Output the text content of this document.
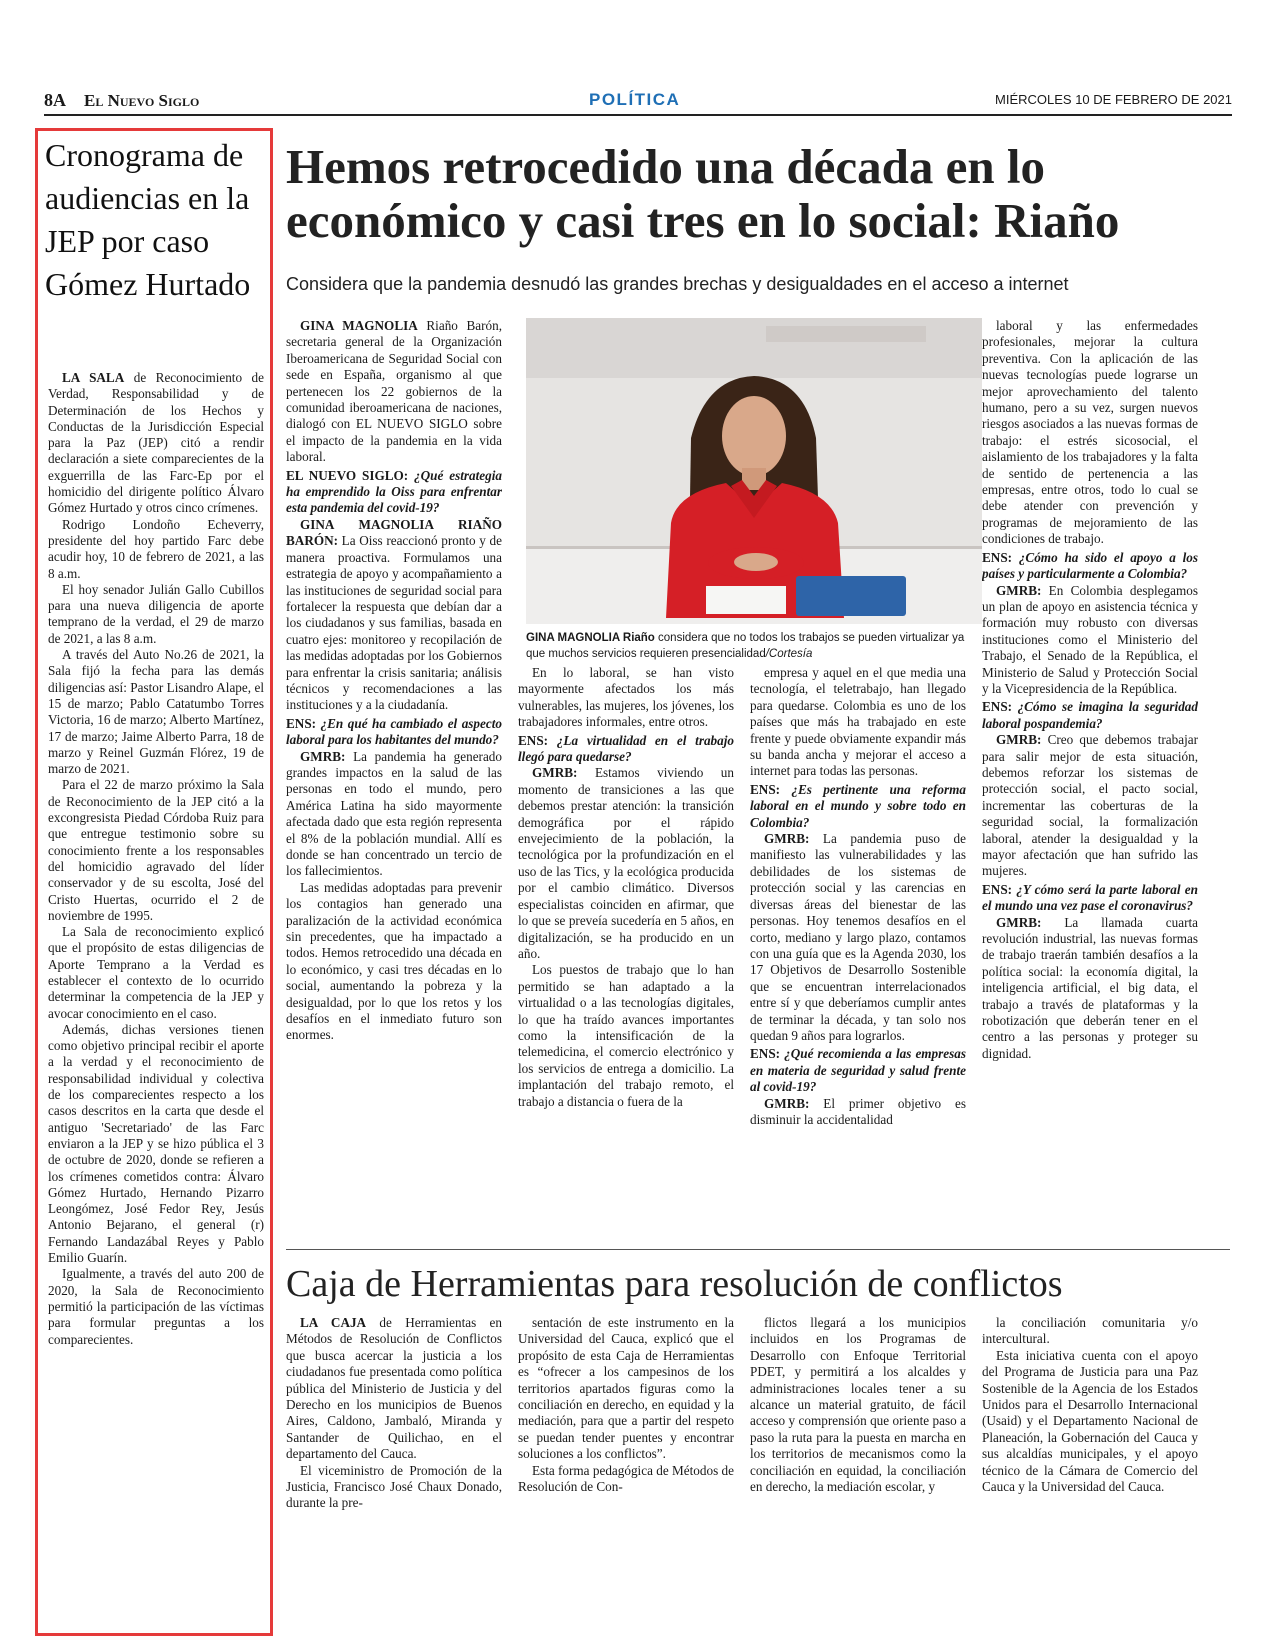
8A El Nuevo Siglo	POLÍTICA	MIÉRCOLES 10 DE FEBRERO DE 2021
Cronograma de audiencias en la JEP por caso Gómez Hurtado

LA SALA de Reconocimiento de Verdad, Responsabilidad y de Determinación de los Hechos y Conductas de la Jurisdicción Especial para la Paz (JEP) citó a rendir declaración a siete comparecientes de la exguerrilla de las Farc-Ep por el homicidio del dirigente político Álvaro Gómez Hurtado y otros cinco crímenes.

Rodrigo Londoño Echeverry, presidente del hoy partido Farc debe acudir hoy, 10 de febrero de 2021, a las 8 a.m.

El hoy senador Julián Gallo Cubillos para una nueva diligencia de aporte temprano de la verdad, el 29 de marzo de 2021, a las 8 a.m.

A través del Auto No.26 de 2021, la Sala fijó la fecha para las demás diligencias así: Pastor Lisandro Alape, el 15 de marzo; Pablo Catatumbo Torres Victoria, 16 de marzo; Alberto Martínez, 17 de marzo; Jaime Alberto Parra, 18 de marzo y Reinel Guzmán Flórez, 19 de marzo de 2021.

Para el 22 de marzo próximo la Sala de Reconocimiento de la JEP citó a la excongresista Piedad Córdoba Ruiz para que entregue testimonio sobre su conocimiento frente a los responsables del homicidio agravado del líder conservador y de su escolta, José del Cristo Huertas, ocurrido el 2 de noviembre de 1995.

La Sala de reconocimiento explicó que el propósito de estas diligencias de Aporte Temprano a la Verdad es establecer el contexto de lo ocurrido determinar la competencia de la JEP y avocar conocimiento en el caso.

Además, dichas versiones tienen como objetivo principal recibir el aporte a la verdad y el reconocimiento de responsabilidad individual y colectiva de los comparecientes respecto a los casos descritos en la carta que desde el antiguo 'Secretariado' de las Farc enviaron a la JEP y se hizo pública el 3 de octubre de 2020, donde se refieren a los crímenes cometidos contra: Álvaro Gómez Hurtado, Hernando Pizarro Leongómez, José Fedor Rey, Jesús Antonio Bejarano, el general (r) Fernando Landazábal Reyes y Pablo Emilio Guarín.

Igualmente, a través del auto 200 de 2020, la Sala de Reconocimiento permitió la participación de las víctimas para formular preguntas a los comparecientes.

Hemos retrocedido una década en lo económico y casi tres en lo social: Riaño
Considera que la pandemia desnudó las grandes brechas y desigualdades en el acceso a internet

GINA MAGNOLIA Riaño Barón, secretaria general de la Organización Iberoamericana de Seguridad Social con sede en España, organismo al que pertenecen los 22 gobiernos de la comunidad iberoamericana de naciones, dialogó con EL NUEVO SIGLO sobre el impacto de la pandemia en la vida laboral.

EL NUEVO SIGLO: ¿Qué estrategia ha emprendido la Oiss para enfrentar esta pandemia del covid-19?

GINA MAGNOLIA RIAÑO BARÓN: La Oiss reaccionó pronto y de manera proactiva. Formulamos una estrategia de apoyo y acompañamiento a las instituciones de seguridad social para fortalecer la respuesta que debían dar a los ciudadanos y sus familias, basada en cuatro ejes: monitoreo y recopilación de las medidas adoptadas por los Gobiernos para enfrentar la crisis sanitaria; análisis técnicos y recomendaciones a las instituciones y a la ciudadanía.

ENS: ¿En qué ha cambiado el aspecto laboral para los habitantes del mundo?

GMRB: La pandemia ha generado grandes impactos en la salud de las personas en todo el mundo, pero América Latina ha sido mayormente afectada dado que esta región representa el 8% de la población mundial. Allí es donde se han concentrado un tercio de los fallecimientos.

Las medidas adoptadas para prevenir los contagios han generado una paralización de la actividad económica sin precedentes, que ha impactado a todos. Hemos retrocedido una década en lo económico, y casi tres décadas en lo social, aumentando la pobreza y la desigualdad, por lo que los retos y los desafíos en el inmediato futuro son enormes.

GINA MAGNOLIA Riaño considera que no todos los trabajos se pueden virtualizar ya que muchos servicios requieren presencialidad/Cortesía

En lo laboral, se han visto mayormente afectados los más vulnerables, las mujeres, los jóvenes, los trabajadores informales, entre otros.

ENS: ¿La virtualidad en el trabajo llegó para quedarse?

GMRB: Estamos viviendo un momento de transiciones a las que debemos prestar atención: la transición demográfica por el rápido envejecimiento de la población, la tecnológica por la profundización en el uso de las Tics, y la ecológica producida por el cambio climático. Diversos especialistas coinciden en afirmar, que lo que se preveía sucedería en 5 años, en digitalización, se ha producido en un año.

Los puestos de trabajo que lo han permitido se han adaptado a la virtualidad o a las tecnologías digitales, lo que ha traído avances importantes como la intensificación de la telemedicina, el comercio electrónico y los servicios de entrega a domicilio. La implantación del trabajo remoto, el trabajo a distancia o fuera de la

empresa y aquel en el que media una tecnología, el teletrabajo, han llegado para quedarse. Colombia es uno de los países que más ha trabajado en este frente y puede obviamente expandir más su banda ancha y mejorar el acceso a internet para todas las personas.

ENS: ¿Es pertinente una reforma laboral en el mundo y sobre todo en Colombia?

GMRB: La pandemia puso de manifiesto las vulnerabilidades y las debilidades de los sistemas de protección social y las carencias en diversas áreas del bienestar de las personas. Hoy tenemos desafíos en el corto, mediano y largo plazo, contamos con una guía que es la Agenda 2030, los 17 Objetivos de Desarrollo Sostenible que se encuentran interrelacionados entre sí y que deberíamos cumplir antes de terminar la década, y tan solo nos quedan 9 años para lograrlos.

ENS: ¿Qué recomienda a las empresas en materia de seguridad y salud frente al covid-19?

GMRB: El primer objetivo es disminuir la accidentalidad

laboral y las enfermedades profesionales, mejorar la cultura preventiva. Con la aplicación de las nuevas tecnologías puede lograrse un mejor aprovechamiento del talento humano, pero a su vez, surgen nuevos riesgos asociados a las nuevas formas de trabajo: el estrés sicosocial, el aislamiento de los trabajadores y la falta de sentido de pertenencia a las empresas, entre otros, todo lo cual se debe atender con prevención y programas de mejoramiento de las condiciones de trabajo.

ENS: ¿Cómo ha sido el apoyo a los países y particularmente a Colombia?

GMRB: En Colombia desplegamos un plan de apoyo en asistencia técnica y formación muy robusto con diversas instituciones como el Ministerio del Trabajo, el Senado de la República, el Ministerio de Salud y Protección Social y la Vicepresidencia de la República.

ENS: ¿Cómo se imagina la seguridad laboral pospandemia?

GMRB: Creo que debemos trabajar para salir mejor de esta situación, debemos reforzar los sistemas de protección social, el pacto social, incrementar las coberturas de la seguridad social, la formalización laboral, atender la desigualdad y la mayor afectación que han sufrido las mujeres.

ENS: ¿Y cómo será la parte laboral en el mundo una vez pase el coronavirus?

GMRB: La llamada cuarta revolución industrial, las nuevas formas de trabajo traerán también desafíos a la política social: la economía digital, la inteligencia artificial, el big data, el trabajo a través de plataformas y la robotización que deberán tener en el centro a las personas y proteger su dignidad.

Caja de Herramientas para resolución de conflictos

LA CAJA de Herramientas en Métodos de Resolución de Conflictos que busca acercar la justicia a los ciudadanos fue presentada como política pública del Ministerio de Justicia y del Derecho en los municipios de Buenos Aires, Caldono, Jambaló, Miranda y Santander de Quilichao, en el departamento del Cauca.

El viceministro de Promoción de la Justicia, Francisco José Chaux Donado, durante la pre-

sentación de este instrumento en la Universidad del Cauca, explicó que el propósito de esta Caja de Herramientas es “ofrecer a los campesinos de los territorios apartados figuras como la conciliación en derecho, en equidad y la mediación, para que a partir del respeto se puedan tender puentes y encontrar soluciones a los conflictos”.

Esta forma pedagógica de Métodos de Resolución de Con-

flictos llegará a los municipios incluidos en los Programas de Desarrollo con Enfoque Territorial PDET, y permitirá a los alcaldes y administraciones locales tener a su alcance un material gratuito, de fácil acceso y comprensión que oriente paso a paso la ruta para la puesta en marcha en los territorios de mecanismos como la conciliación en equidad, la conciliación en derecho, la mediación escolar, y

la conciliación comunitaria y/o intercultural.

Esta iniciativa cuenta con el apoyo del Programa de Justicia para una Paz Sostenible de la Agencia de los Estados Unidos para el Desarrollo Internacional (Usaid) y el Departamento Nacional de Planeación, la Gobernación del Cauca y sus alcaldías municipales, y el apoyo técnico de la Cámara de Comercio del Cauca y la Universidad del Cauca.
